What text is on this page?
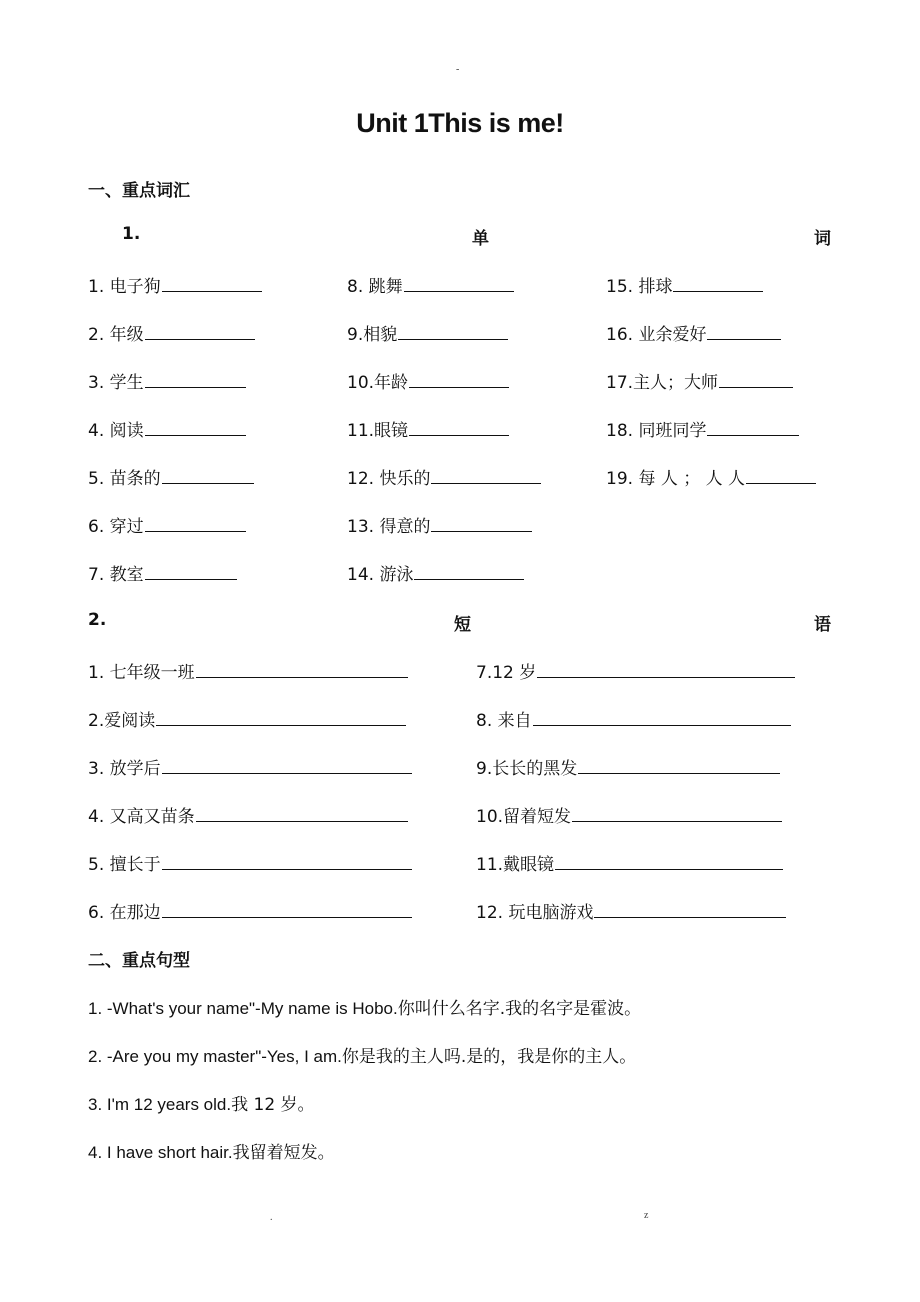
-
Unit 1This is me!
一、重点词汇
1.	单	词
1. 电子狗
2. 年级
3. 学生
4. 阅读
5. 苗条的
6. 穿过
7. 教室
8. 跳舞
9.相貌
10.年龄
11.眼镜
12. 快乐的
13. 得意的
14. 游泳
15. 排球
16. 业余爱好
17.主人；大师
18. 同班同学
19. 每 人 ； 人 人
2.	短	语
1. 七年级一班
2.爱阅读
3. 放学后
4. 又高又苗条
5. 擅长于
6. 在那边
7.12 岁
8. 来自
9.长长的黑发
10.留着短发
11.戴眼镜
12. 玩电脑游戏
二、重点句型
1. -What's your name"-My name is Hobo.你叫什么名字.我的名字是霍波。
2. -Are you my master"-Yes, I am.你是我的主人吗.是的，我是你的主人。
3. I'm 12 years old.我 12 岁。
4. I have short hair.我留着短发。
.	z
